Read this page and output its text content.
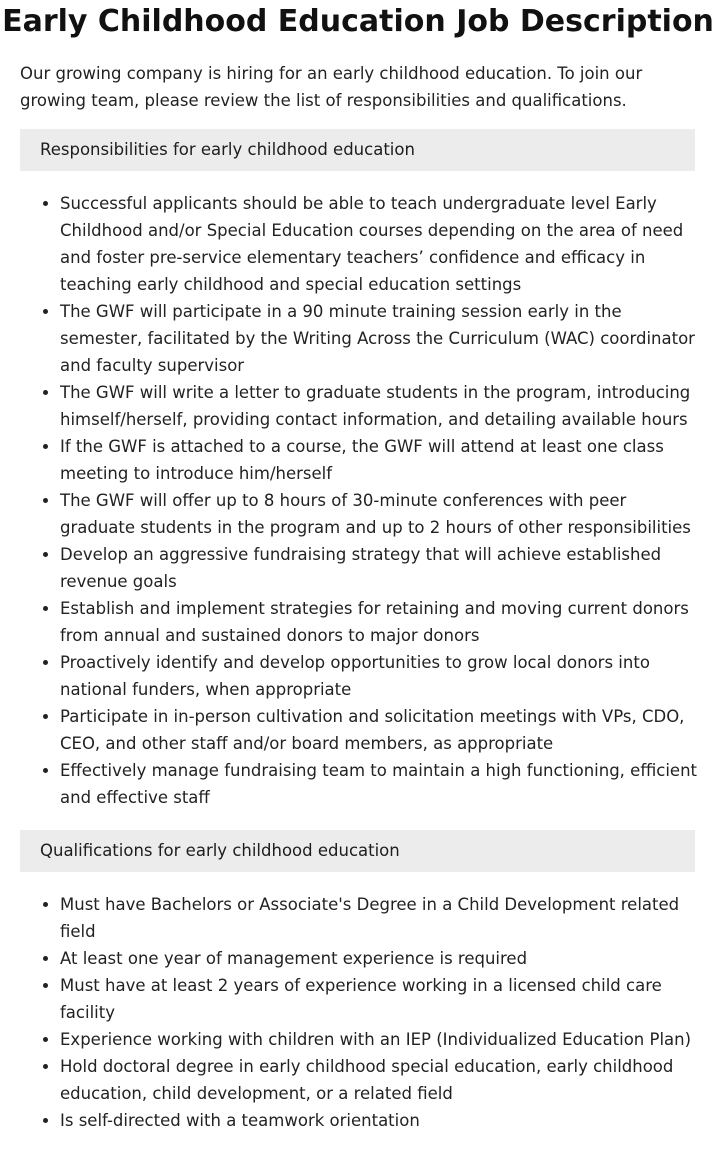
Early Childhood Education Job Description

Our growing company is hiring for an early childhood education. To join our growing team, please review the list of responsibilities and qualifications.

Responsibilities for early childhood education
• Successful applicants should be able to teach undergraduate level Early Childhood and/or Special Education courses depending on the area of need and foster pre-service elementary teachers’ confidence and efficacy in teaching early childhood and special education settings
• The GWF will participate in a 90 minute training session early in the semester, facilitated by the Writing Across the Curriculum (WAC) coordinator and faculty supervisor
• The GWF will write a letter to graduate students in the program, introducing himself/herself, providing contact information, and detailing available hours
• If the GWF is attached to a course, the GWF will attend at least one class meeting to introduce him/herself
• The GWF will offer up to 8 hours of 30-minute conferences with peer graduate students in the program and up to 2 hours of other responsibilities
• Develop an aggressive fundraising strategy that will achieve established revenue goals
• Establish and implement strategies for retaining and moving current donors from annual and sustained donors to major donors
• Proactively identify and develop opportunities to grow local donors into national funders, when appropriate
• Participate in in-person cultivation and solicitation meetings with VPs, CDO, CEO, and other staff and/or board members, as appropriate
• Effectively manage fundraising team to maintain a high functioning, efficient and effective staff
Qualifications for early childhood education
• Must have Bachelors or Associate's Degree in a Child Development related field
• At least one year of management experience is required
• Must have at least 2 years of experience working in a licensed child care facility
• Experience working with children with an IEP (Individualized Education Plan)
• Hold doctoral degree in early childhood special education, early childhood education, child development, or a related field
• Is self-directed with a teamwork orientation
